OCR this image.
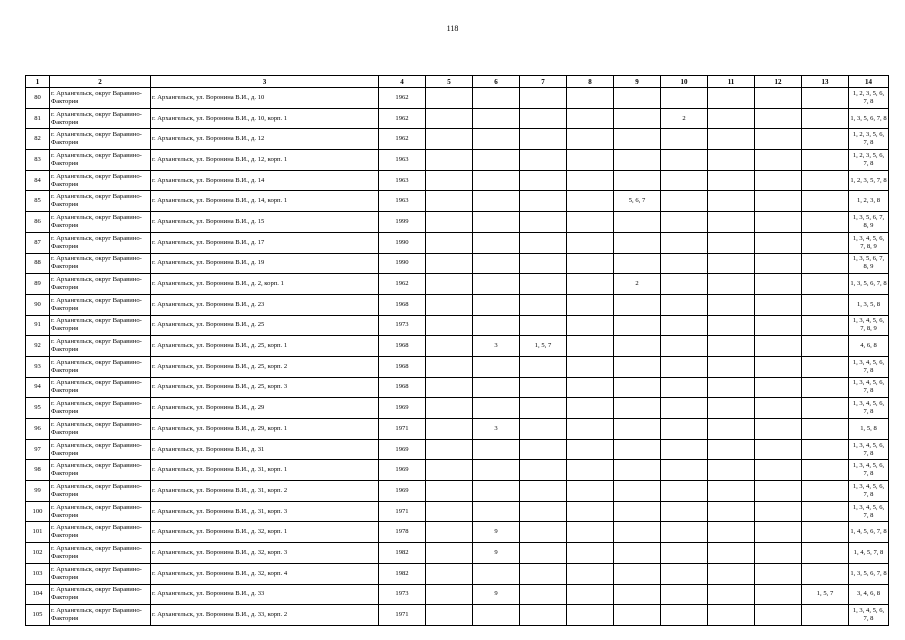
118
1	2	3	4	5	6	7	8	9	10	11	12	13	14
80	г. Архангельск, округ Варавино-Фактория	г. Архангельск, ул. Воронина В.И., д. 10	1962										1, 2, 3, 5, 6, 7, 8
81	г. Архангельск, округ Варавино-Фактория	г. Архангельск, ул. Воронина В.И., д. 10, корп. 1	1962						2				1, 3, 5, 6, 7, 8
82	г. Архангельск, округ Варавино-Фактория	г. Архангельск, ул. Воронина В.И., д. 12	1962										1, 2, 3, 5, 6, 7, 8
83	г. Архангельск, округ Варавино-Фактория	г. Архангельск, ул. Воронина В.И., д. 12, корп. 1	1963										1, 2, 3, 5, 6, 7, 8
84	г. Архангельск, округ Варавино-Фактория	г. Архангельск, ул. Воронина В.И., д. 14	1963										1, 2, 3, 5, 7, 8
85	г. Архангельск, округ Варавино-Фактория	г. Архангельск, ул. Воронина В.И., д. 14, корп. 1	1963					5, 6, 7					1, 2, 3, 8
86	г. Архангельск, округ Варавино-Фактория	г. Архангельск, ул. Воронина В.И., д. 15	1999										1, 3, 5, 6, 7, 8, 9
87	г. Архангельск, округ Варавино-Фактория	г. Архангельск, ул. Воронина В.И., д. 17	1990										1, 3, 4, 5, 6, 7, 8, 9
88	г. Архангельск, округ Варавино-Фактория	г. Архангельск, ул. Воронина В.И., д. 19	1990										1, 3, 5, 6, 7, 8, 9
89	г. Архангельск, округ Варавино-Фактория	г. Архангельск, ул. Воронина В.И., д. 2, корп. 1	1962					2					1, 3, 5, 6, 7, 8
90	г. Архангельск, округ Варавино-Фактория	г. Архангельск, ул. Воронина В.И., д. 23	1968										1, 3, 5, 8
91	г. Архангельск, округ Варавино-Фактория	г. Архангельск, ул. Воронина В.И., д. 25	1973										1, 3, 4, 5, 6, 7, 8, 9
92	г. Архангельск, округ Варавино-Фактория	г. Архангельск, ул. Воронина В.И., д. 25, корп. 1	1968		3	1, 5, 7							4, 6, 8
93	г. Архангельск, округ Варавино-Фактория	г. Архангельск, ул. Воронина В.И., д. 25, корп. 2	1968										1, 3, 4, 5, 6, 7, 8
94	г. Архангельск, округ Варавино-Фактория	г. Архангельск, ул. Воронина В.И., д. 25, корп. 3	1968										1, 3, 4, 5, 6, 7, 8
95	г. Архангельск, округ Варавино-Фактория	г. Архангельск, ул. Воронина В.И., д. 29	1969										1, 3, 4, 5, 6, 7, 8
96	г. Архангельск, округ Варавино-Фактория	г. Архангельск, ул. Воронина В.И., д. 29, корп. 1	1971		3								1, 5, 8
97	г. Архангельск, округ Варавино-Фактория	г. Архангельск, ул. Воронина В.И., д. 31	1969										1, 3, 4, 5, 6, 7, 8
98	г. Архангельск, округ Варавино-Фактория	г. Архангельск, ул. Воронина В.И., д. 31, корп. 1	1969										1, 3, 4, 5, 6, 7, 8
99	г. Архангельск, округ Варавино-Фактория	г. Архангельск, ул. Воронина В.И., д. 31, корп. 2	1969										1, 3, 4, 5, 6, 7, 8
100	г. Архангельск, округ Варавино-Фактория	г. Архангельск, ул. Воронина В.И., д. 31, корп. 3	1971										1, 3, 4, 5, 6, 7, 8
101	г. Архангельск, округ Варавино-Фактория	г. Архангельск, ул. Воронина В.И., д. 32, корп. 1	1978		9								1, 4, 5, 6, 7, 8
102	г. Архангельск, округ Варавино-Фактория	г. Архангельск, ул. Воронина В.И., д. 32, корп. 3	1982		9								1, 4, 5, 7, 8
103	г. Архангельск, округ Варавино-Фактория	г. Архангельск, ул. Воронина В.И., д. 32, корп. 4	1982										1, 3, 5, 6, 7, 8
104	г. Архангельск, округ Варавино-Фактория	г. Архангельск, ул. Воронина В.И., д. 33	1973		9							1, 5, 7	3, 4, 6, 8
105	г. Архангельск, округ Варавино-Фактория	г. Архангельск, ул. Воронина В.И., д. 33, корп. 2	1971										1, 3, 4, 5, 6, 7, 8
